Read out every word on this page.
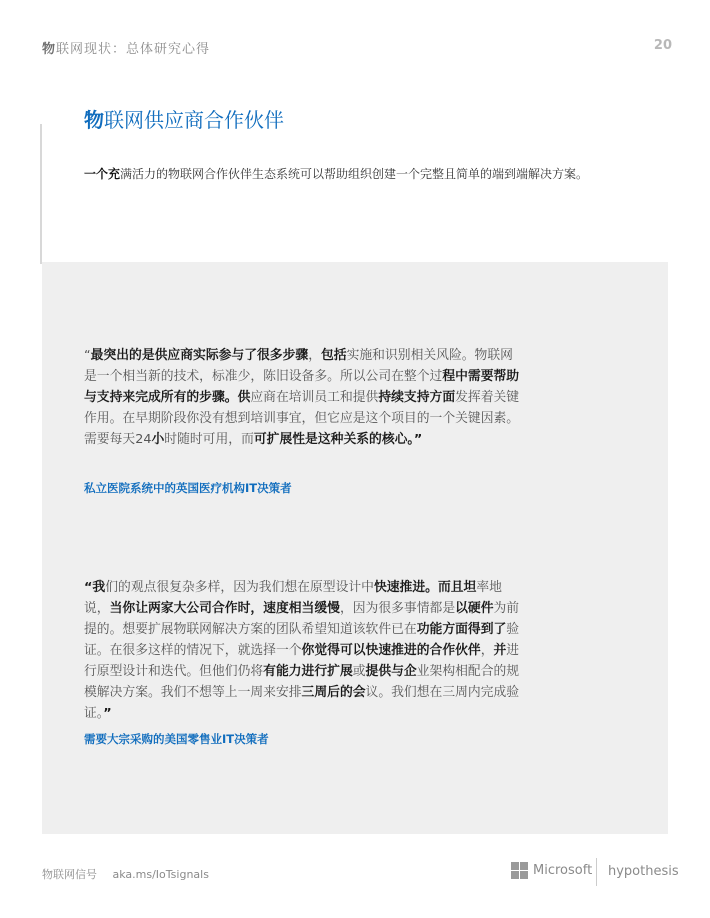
物联网现状：总体研究心得	20
物联网供应商合作伙伴
一个充满活力的物联网合作伙伴生态系统可以帮助组织创建一个完整且简单的端到端解决方案。
“最突出的是供应商实际参与了很多步骤，包括实施和识别相关风险。物联网是一个相当新的技术，标准少，陈旧设备多。所以公司在整个过程中需要帮助与支持来完成所有的步骤。供应商在培训员工和提供持续支持方面发挥着关键作用。在早期阶段你没有想到培训事宜，但它应是这个项目的一个关键因素。需要每天24小时随时可用，而可扩展性是这种关系的核心。”
私立医院系统中的英国医疗机构IT决策者
“我们的观点很复杂多样，因为我们想在原型设计中快速推进。而且坦率地说，当你让两家大公司合作时，速度相当缓慢，因为很多事情都是以硬件为前提的。想要扩展物联网解决方案的团队希望知道该软件已在功能方面得到了验证。在很多这样的情况下，就选择一个你觉得可以快速推进的合作伙伴，并进行原型设计和迭代。但他们仍将有能力进行扩展或提供与企业架构相配合的规模解决方案。我们不想等上一周来安排三周后的会议。我们想在三周内完成验证。”
需要大宗采购的美国零售业IT决策者
物联网信号 aka.ms/IoTsignals	Microsoft hypothesis
